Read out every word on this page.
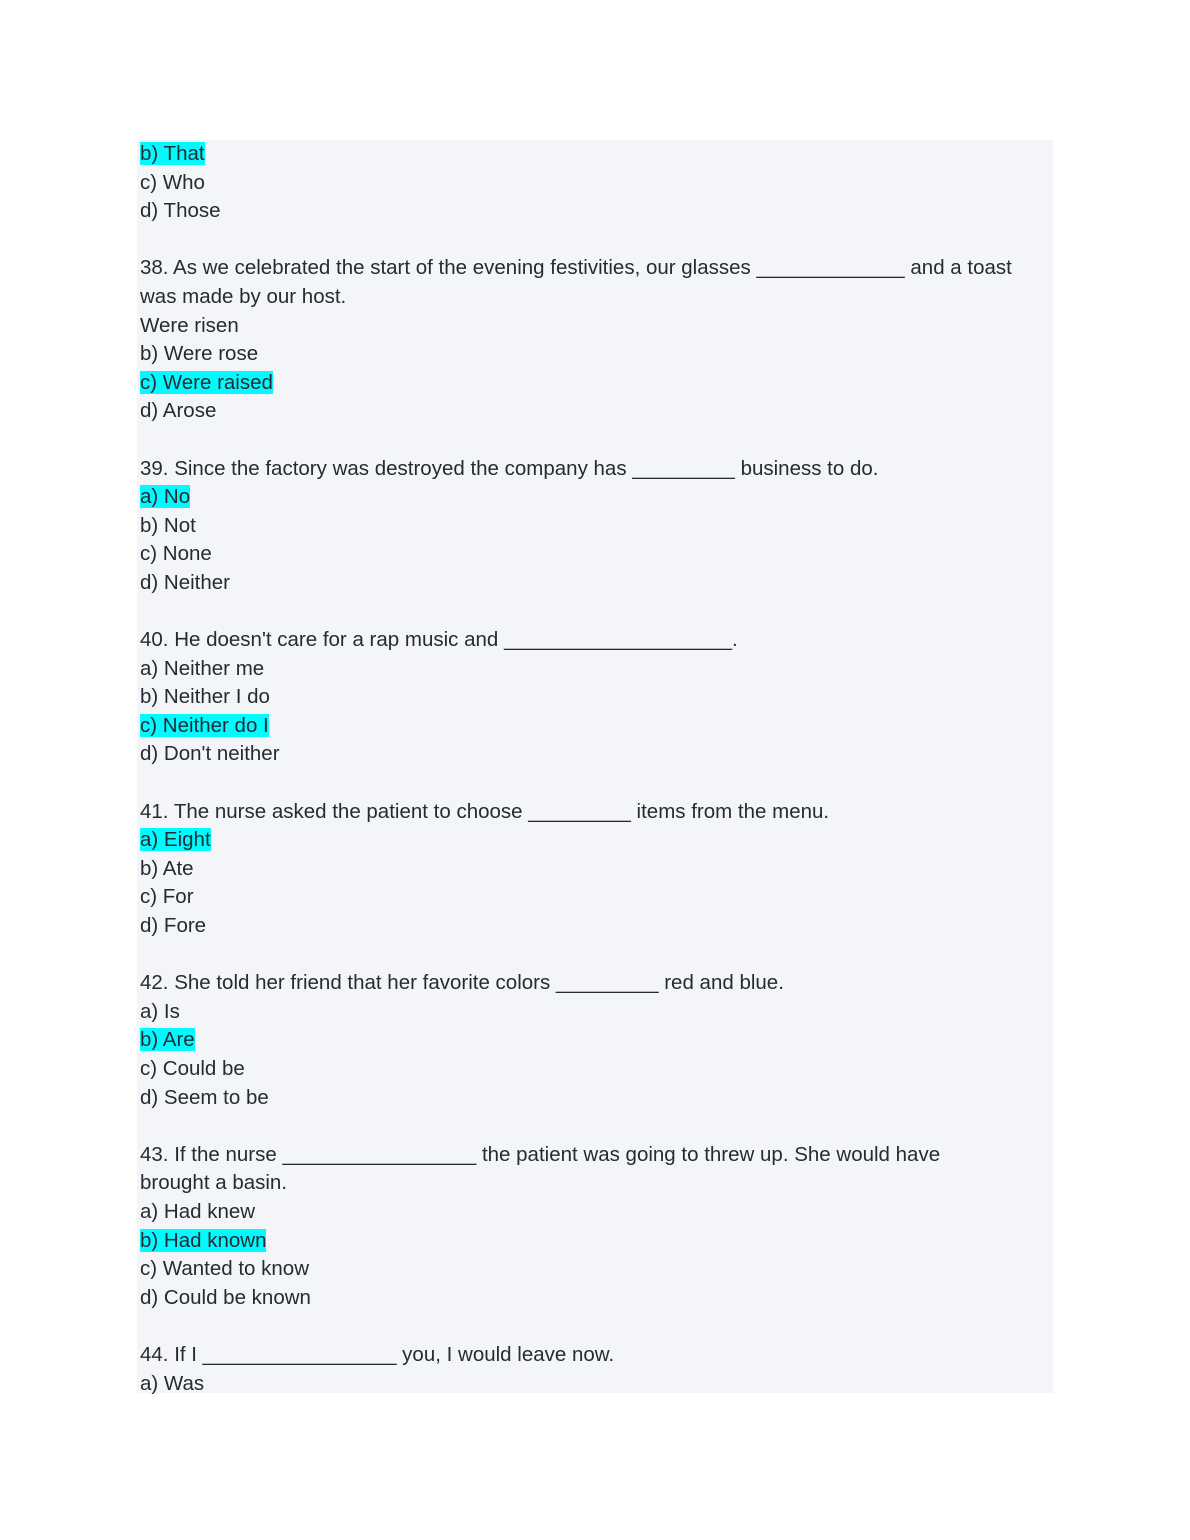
b) That
c) Who
d) Those
38. As we celebrated the start of the evening festivities, our glasses _____________ and a toast
was made by our host.
Were risen
b) Were rose
c) Were raised
d) Arose
39. Since the factory was destroyed the company has _________ business to do.
a) No
b) Not
c) None
d) Neither
40. He doesn't care for a rap music and ____________________.
a) Neither me
b) Neither I do
c) Neither do I
d) Don't neither
41. The nurse asked the patient to choose _________ items from the menu.
a) Eight
b) Ate
c) For
d) Fore
42. She told her friend that her favorite colors _________ red and blue.
a) Is
b) Are
c) Could be
d) Seem to be
43. If the nurse _________________ the patient was going to threw up. She would have
brought a basin.
a) Had knew
b) Had known
c) Wanted to know
d) Could be known
44. If I _________________ you, I would leave now.
a) Was
